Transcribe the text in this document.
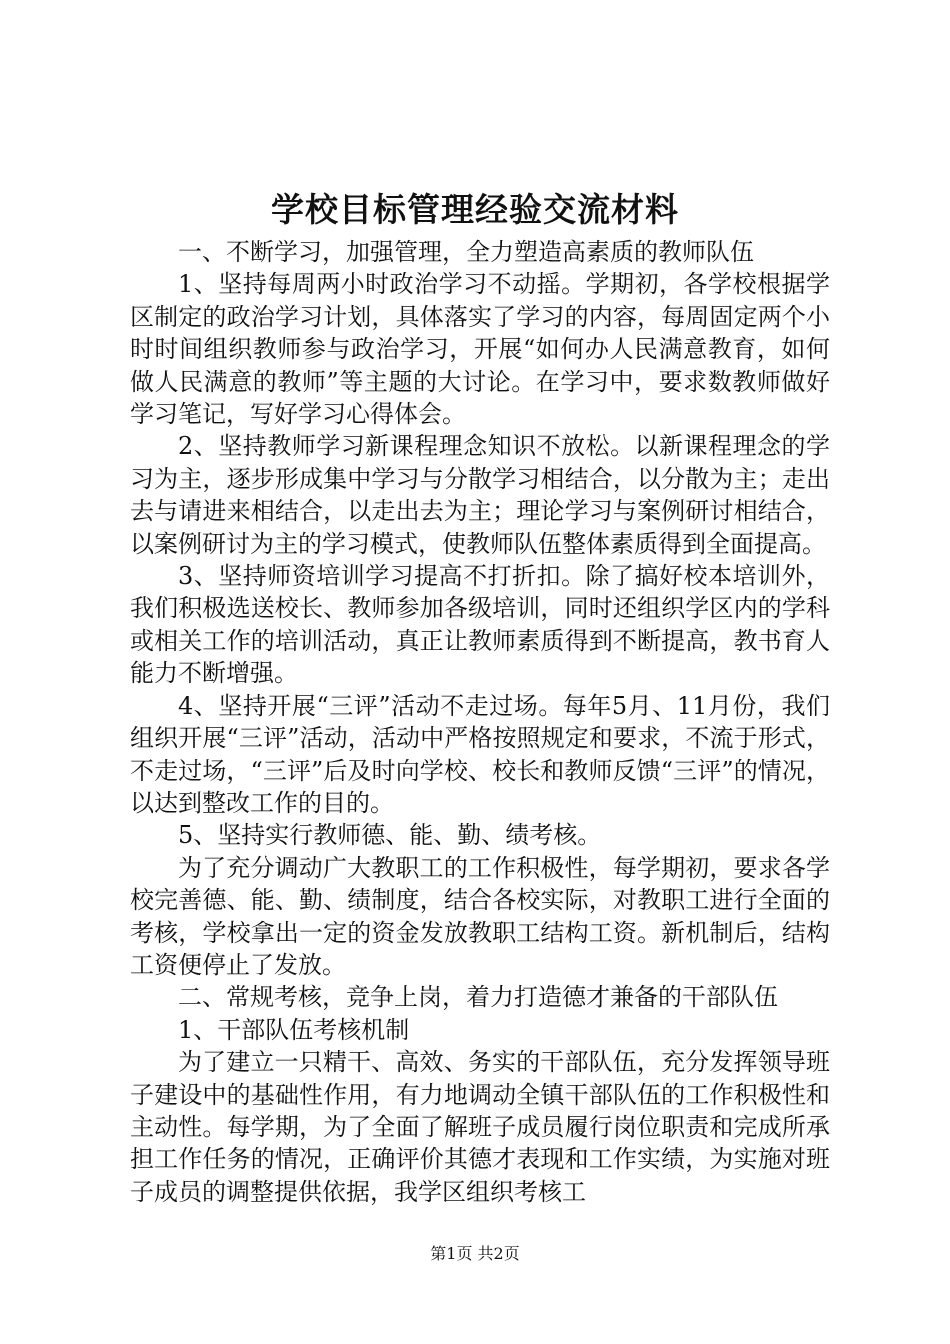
学校目标管理经验交流材料

一、不断学习，加强管理，全力塑造高素质的教师队伍

1、坚持每周两小时政治学习不动摇。学期初，各学校根据学区制定的政治学习计划，具体落实了学习的内容，每周固定两个小时时间组织教师参与政治学习，开展“如何办人民满意教育，如何做人民满意的教师”等主题的大讨论。在学习中，要求数教师做好学习笔记，写好学习心得体会。

2、坚持教师学习新课程理念知识不放松。以新课程理念的学习为主，逐步形成集中学习与分散学习相结合，以分散为主；走出去与请进来相结合，以走出去为主；理论学习与案例研讨相结合，以案例研讨为主的学习模式，使教师队伍整体素质得到全面提高。

3、坚持师资培训学习提高不打折扣。除了搞好校本培训外，我们积极选送校长、教师参加各级培训，同时还组织学区内的学科或相关工作的培训活动，真正让教师素质得到不断提高，教书育人能力不断增强。

4、坚持开展“三评”活动不走过场。每年5月、11月份，我们组织开展“三评”活动，活动中严格按照规定和要求，不流于形式，不走过场，“三评”后及时向学校、校长和教师反馈“三评”的情况，以达到整改工作的目的。

5、坚持实行教师德、能、勤、绩考核。

为了充分调动广大教职工的工作积极性，每学期初，要求各学校完善德、能、勤、绩制度，结合各校实际，对教职工进行全面的考核，学校拿出一定的资金发放教职工结构工资。新机制后，结构工资便停止了发放。

二、常规考核，竞争上岗，着力打造德才兼备的干部队伍

1、干部队伍考核机制

为了建立一只精干、高效、务实的干部队伍，充分发挥领导班子建设中的基础性作用，有力地调动全镇干部队伍的工作积极性和主动性。每学期，为了全面了解班子成员履行岗位职责和完成所承担工作任务的情况，正确评价其德才表现和工作实绩，为实施对班子成员的调整提供依据，我学区组织考核工

第1页 共2页
